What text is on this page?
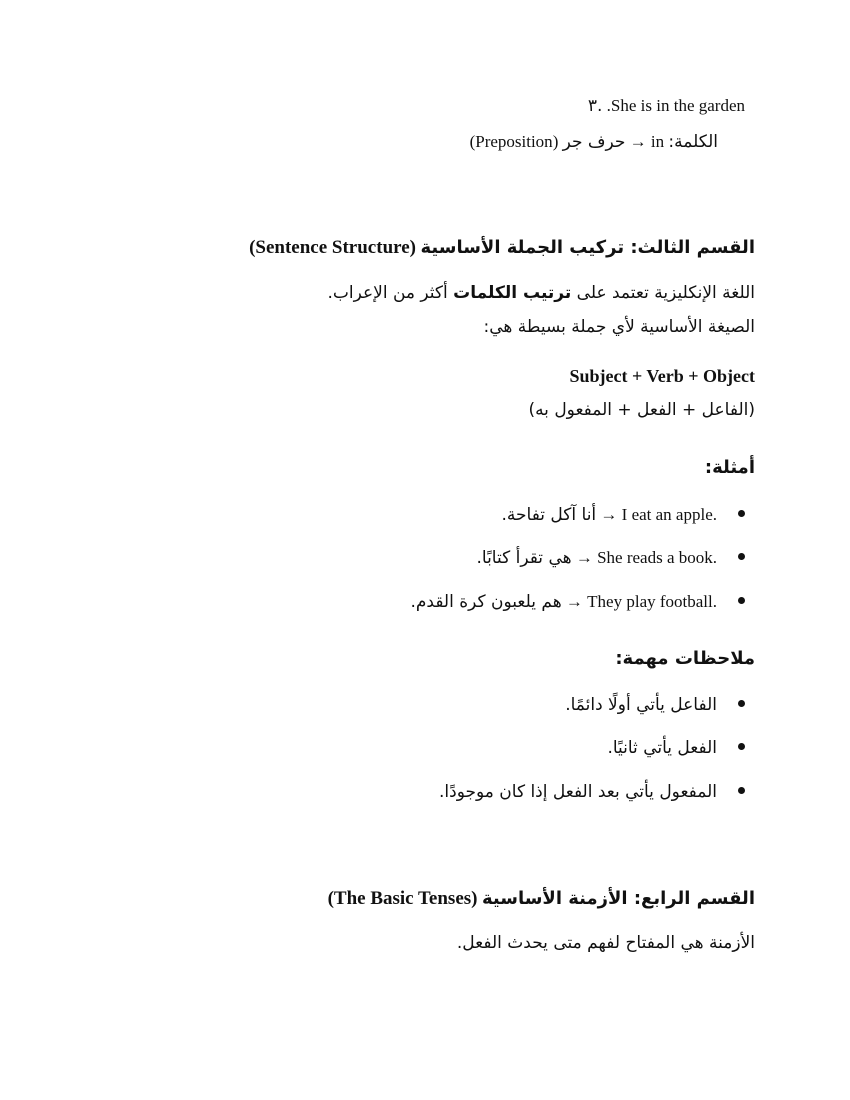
٣. .She is in the garden
الكلمة: in → حرف جر (Preposition)
القسم الثالث: تركيب الجملة الأساسية (Sentence Structure)
اللغة الإنكليزية تعتمد على ترتيب الكلمات أكثر من الإعراب.
الصيغة الأساسية لأي جملة بسيطة هي:
Subject + Verb + Object
(الفاعل + الفعل + المفعول به)
أمثلة:
.I eat an apple → أنا آكل تفاحة.
.She reads a book → هي تقرأ كتابًا.
.They play football → هم يلعبون كرة القدم.
ملاحظات مهمة:
الفاعل يأتي أولًا دائمًا.
الفعل يأتي ثانيًا.
المفعول يأتي بعد الفعل إذا كان موجودًا.
القسم الرابع: الأزمنة الأساسية (The Basic Tenses)
الأزمنة هي المفتاح لفهم متى يحدث الفعل.
